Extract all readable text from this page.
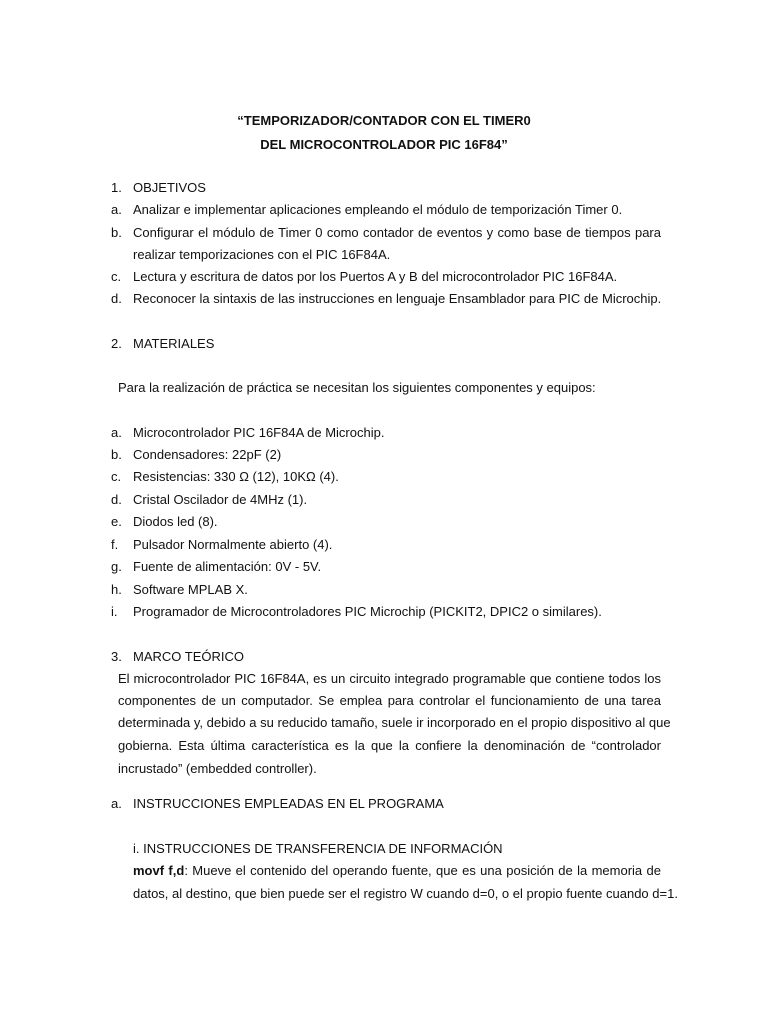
“TEMPORIZADOR/CONTADOR CON EL TIMER0
DEL MICROCONTROLADOR PIC 16F84”
1. OBJETIVOS
a. Analizar e implementar aplicaciones empleando el módulo de temporización Timer 0.
b. Configurar el módulo de Timer 0 como contador de eventos y como base de tiempos para
realizar temporizaciones con el PIC 16F84A.
c. Lectura y escritura de datos por los Puertos A y B del microcontrolador PIC 16F84A.
d. Reconocer la sintaxis de las instrucciones en lenguaje Ensamblador para PIC de Microchip.
2. MATERIALES
Para la realización de práctica se necesitan los siguientes componentes y equipos:
a. Microcontrolador PIC 16F84A de Microchip.
b. Condensadores: 22pF (2)
c. Resistencias: 330 Ω (12), 10KΩ (4).
d. Cristal Oscilador de 4MHz (1).
e. Diodos led (8).
f. Pulsador Normalmente abierto (4).
g. Fuente de alimentación: 0V - 5V.
h. Software MPLAB X.
i. Programador de Microcontroladores PIC Microchip (PICKIT2, DPIC2 o similares).
3. MARCO TEÓRICO
El microcontrolador PIC 16F84A, es un circuito integrado programable que contiene todos los
componentes de un computador. Se emplea para controlar el funcionamiento de una tarea
determinada y, debido a su reducido tamaño, suele ir incorporado en el propio dispositivo al que
gobierna. Esta última característica es la que la confiere la denominación de “controlador
incrustado” (embedded controller).
a. INSTRUCCIONES EMPLEADAS EN EL PROGRAMA
i. INSTRUCCIONES DE TRANSFERENCIA DE INFORMACIÓN
movf f,d: Mueve el contenido del operando fuente, que es una posición de la memoria de
datos, al destino, que bien puede ser el registro W cuando d=0, o el propio fuente cuando d=1.
